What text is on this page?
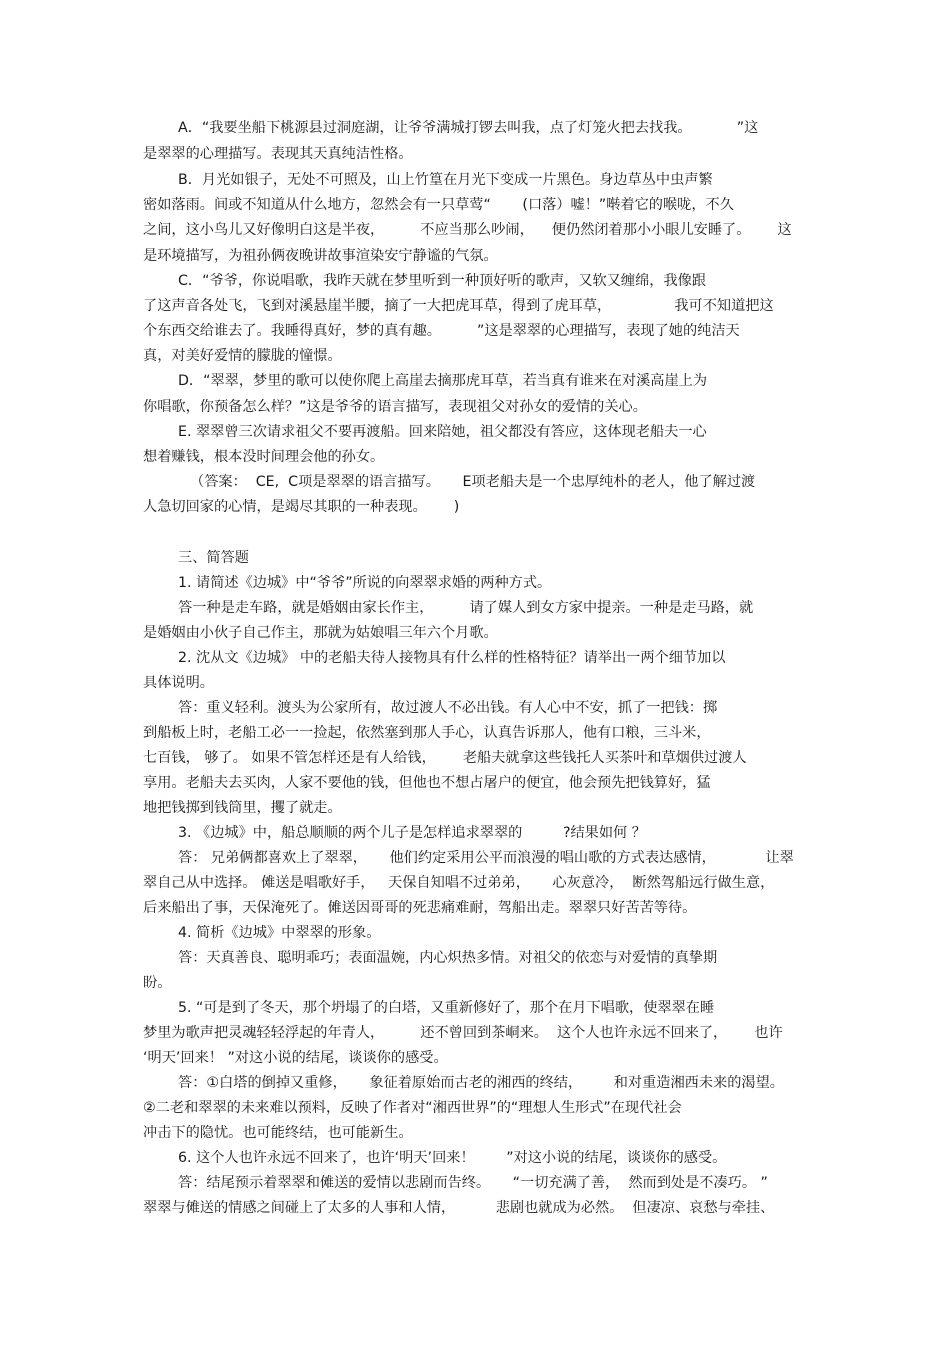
A．“我要坐船下桃源县过洞庭湖，让爷爷满城打锣去叫我，点了灯笼火把去找我。          ”这

是翠翠的心理描写。表现其天真纯洁性格。

B．月光如银子，无处不可照及，山上竹篁在月光下变成一片黑色。身边草丛中虫声繁

密如落雨。间或不知道从什么地方，忽然会有一只草莺“       (口落）嘘！”啭着它的喉咙，不久

之间，这小鸟儿又好像明白这是半夜，        不应当那么吵闹，    便仍然闭着那小小眼儿安睡了。      这

是环境描写，为祖孙俩夜晚讲故事渲染安宁静谧的气氛。

C．“爷爷，你说唱歌，我昨天就在梦里听到一种顶好听的歌声，又软又缠绵，我像跟

了这声音各处飞，飞到对溪悬崖半腰，摘了一大把虎耳草，得到了虎耳草，              我可不知道把这

个东西交给谁去了。我睡得真好，梦的真有趣。        ”这是翠翠的心理描写，表现了她的纯洁天

真，对美好爱情的朦胧的憧憬。

D．“翠翠，梦里的歌可以使你爬上高崖去摘那虎耳草，若当真有谁来在对溪高崖上为

你唱歌，你预备怎么样？”这是爷爷的语言描写，表现祖父对孙女的爱情的关心。

E. 翠翠曾三次请求祖父不要再渡船。回来陪她，祖父都没有答应，这体现老船夫一心

想着赚钱，根本没时间理会他的孙女。

（答案：  CE,  C项是翠翠的语言描写。     E项老船夫是一个忠厚纯朴的老人，他了解过渡

人急切回家的心情，是竭尽其职的一种表现。      )

三、简答题

1. 请简述《边城》中“爷爷”所说的向翠翠求婚的两种方式。

答一种是走车路，就是婚姻由家长作主，        请了媒人到女方家中提亲。一种是走马路，就

是婚姻由小伙子自己作主，那就为姑娘唱三年六个月歌。

2. 沈从文《边城》 中的老船夫待人接物具有什么样的性格特征？请举出一两个细节加以

具体说明。

答：重义轻利。渡头为公家所有，故过渡人不必出钱。有人心中不安，抓了一把钱：掷

到船板上时，老船工必一一捡起，依然塞到那人手心，认真告诉那人，他有口粮，三斗米，

七百钱， 够了。 如果不管怎样还是有人给钱，      老船夫就拿这些钱托人买茶叶和草烟供过渡人

享用。老船夫去买肉，人家不要他的钱，但他也不想占屠户的便宜，他会预先把钱算好，猛

地把钱掷到钱筒里，攫了就走。

3. 《边城》中，船总顺顺的两个儿子是怎样追求翠翠的         ?结果如何 ？

答： 兄弟俩都喜欢上了翠翠，     他们约定采用公平而浪漫的唱山歌的方式表达感情，           让翠

翠自己从中选择。 傩送是唱歌好手，   天保自知唱不过弟弟，     心灰意冷，  断然驾船远行做生意，

后来船出了事，天保淹死了。傩送因哥哥的死悲痛难耐，驾船出走。翠翠只好苦苦等待。

4. 简析《边城》中翠翠的形象。

答：天真善良、聪明乖巧；表面温婉，内心炽热多情。对祖父的依恋与对爱情的真挚期

盼。

5. “可是到了冬天，那个坍塌了的白塔，又重新修好了，那个在月下唱歌，使翠翠在睡

梦里为歌声把灵魂轻轻浮起的年青人，        还不曾回到茶峒来。  这个人也许永远不回来了，      也许

‘明天’回来！ ”对这小说的结尾，谈谈你的感受。

答：①白塔的倒掉又重修，     象征着原始而古老的湘西的终结，       和对重造湘西未来的渴望。

②二老和翠翠的未来难以预料，反映了作者对“湘西世界”的“理想人生形式”在现代社会

冲击下的隐忧。也可能终结，也可能新生。

6. 这个人也许永远不回来了，也许‘明天’回来！       ”对这小说的结尾，谈谈你的感受。

答：结尾预示着翠翠和傩送的爱情以悲剧而告终。     “一切充满了善，  然而到处是不凑巧。 ”

翠翠与傩送的情感之间碰上了太多的人事和人情，         悲剧也就成为必然。  但凄凉、哀愁与牵挂、
